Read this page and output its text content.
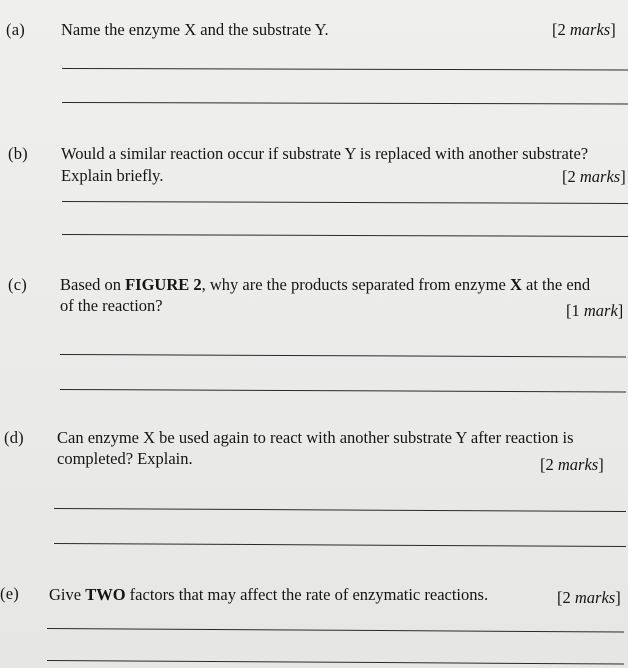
(a) Name the enzyme X and the substrate Y.	[2 marks]
(b) Would a similar reaction occur if substrate Y is replaced with another substrate?
Explain briefly.	[2 marks]
(c) Based on FIGURE 2, why are the products separated from enzyme X at the end
of the reaction?	[1 mark]
(d) Can enzyme X be used again to react with another substrate Y after reaction is
completed? Explain.	[2 marks]
(e) Give TWO factors that may affect the rate of enzymatic reactions.	[2 marks]
